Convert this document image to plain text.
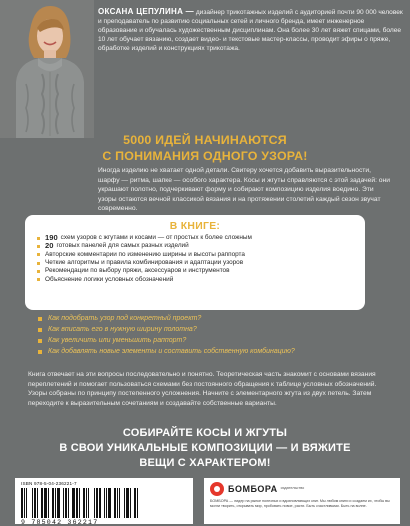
ОКСАНА ЦЕПУЛИНА — дизайнер трикотажных изделий с аудиторией почти 90 000 человек и преподаватель по развитию социальных сетей и личного бренда, имеет инженерное образование и обучалась художественным дисциплинам. Она более 30 лет вяжет спицами, более 10 лет обучает вязанию, создает видео- и текстовые мастер-классы, проводит эфиры о пряже, обработке изделий и конструкциях трикотажа.
5000 ИДЕЙ НАЧИНАЮТСЯ
С ПОНИМАНИЯ ОДНОГО УЗОРА!
Иногда изделию не хватает одной детали. Свитеру хочется добавить выразительности, шарфу — ритма, шапке — особого характера. Косы и жгуты справляются с этой задачей: они украшают полотно, подчеркивают форму и собирают композицию изделия воедино. Эти узоры остаются вечной классикой вязания и на протяжении столетий каждый сезон звучат современно.
В КНИГЕ:
190 схем узоров с жгутами и косами — от простых к более сложным
20 готовых панелей для самых разных изделий
Авторские комментарии по изменению ширины и высоты раппорта
Четкие алгоритмы и правила комбинирования и адаптации узоров
Рекомендации по выбору пряжи, аксессуаров и инструментов
Объяснение логики условных обозначений
Как подобрать узор под конкретный проект?
Как вписать его в нужную ширину полотна?
Как увеличить или уменьшить раппорт?
Как добавлять новые элементы и составить собственную комбинацию?
Книга отвечает на эти вопросы последовательно и понятно. Теоретическая часть знакомит с основами вязания переплетений и помогает пользоваться схемами без постоянного обращения к таблице условных обозначений. Узоры собраны по принципу постепенного усложнения. Начните с элементарного жгута из двух петель. Затем переходите к выразительным сочетаниям и создавайте собственные варианты.
СОБИРАЙТЕ КОСЫ И ЖГУТЫ
В СВОИ УНИКАЛЬНЫЕ КОМПОЗИЦИИ — И ВЯЖИТЕ
ВЕЩИ С ХАРАКТЕРОМ!
ISBN 978-5-04-236221-7
9 785042 362217
БОМБОРА издательство
БОМБОРА — лидер на рынке полезных и вдохновляющих книг. Мы любим книги и создаем их, чтобы вы могли творить, открывать мир, пробовать новое, расти. Быть счастливыми. Быть на волне.
